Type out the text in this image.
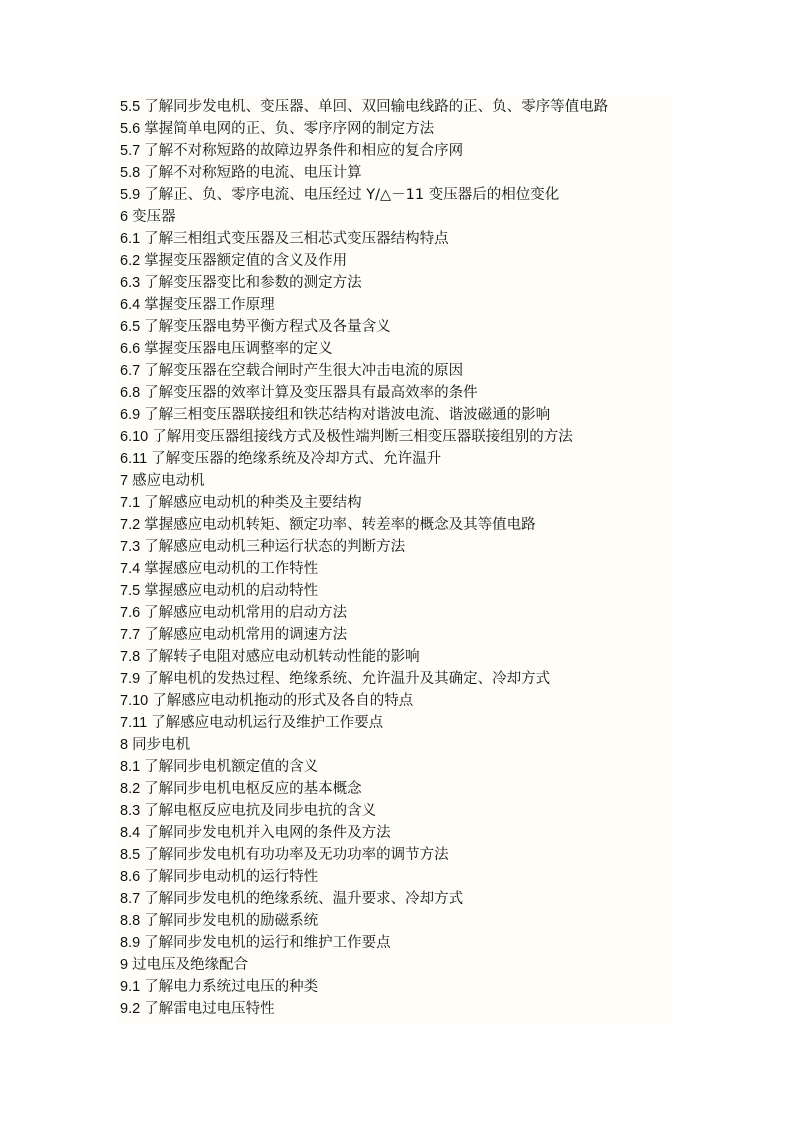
5.5 了解同步发电机、变压器、单回、双回输电线路的正、负、零序等值电路
5.6 掌握简单电网的正、负、零序序网的制定方法
5.7 了解不对称短路的故障边界条件和相应的复合序网
5.8 了解不对称短路的电流、电压计算
5.9 了解正、负、零序电流、电压经过 Y/△－11 变压器后的相位变化
6 变压器
6.1 了解三相组式变压器及三相芯式变压器结构特点
6.2 掌握变压器额定值的含义及作用
6.3 了解变压器变比和参数的测定方法
6.4 掌握变压器工作原理
6.5 了解变压器电势平衡方程式及各量含义
6.6 掌握变压器电压调整率的定义
6.7 了解变压器在空载合闸时产生很大冲击电流的原因
6.8 了解变压器的效率计算及变压器具有最高效率的条件
6.9 了解三相变压器联接组和铁芯结构对谐波电流、谐波磁通的影响
6.10 了解用变压器组接线方式及极性端判断三相变压器联接组别的方法
6.11 了解变压器的绝缘系统及冷却方式、允许温升
7 感应电动机
7.1 了解感应电动机的种类及主要结构
7.2 掌握感应电动机转矩、额定功率、转差率的概念及其等值电路
7.3 了解感应电动机三种运行状态的判断方法
7.4 掌握感应电动机的工作特性
7.5 掌握感应电动机的启动特性
7.6 了解感应电动机常用的启动方法
7.7 了解感应电动机常用的调速方法
7.8 了解转子电阻对感应电动机转动性能的影响
7.9 了解电机的发热过程、绝缘系统、允许温升及其确定、冷却方式
7.10 了解感应电动机拖动的形式及各自的特点
7.11 了解感应电动机运行及维护工作要点
8 同步电机
8.1 了解同步电机额定值的含义
8.2 了解同步电机电枢反应的基本概念
8.3 了解电枢反应电抗及同步电抗的含义
8.4 了解同步发电机并入电网的条件及方法
8.5 了解同步发电机有功功率及无功功率的调节方法
8.6 了解同步电动机的运行特性
8.7 了解同步发电机的绝缘系统、温升要求、冷却方式
8.8 了解同步发电机的励磁系统
8.9 了解同步发电机的运行和维护工作要点
9 过电压及绝缘配合
9.1 了解电力系统过电压的种类
9.2 了解雷电过电压特性
